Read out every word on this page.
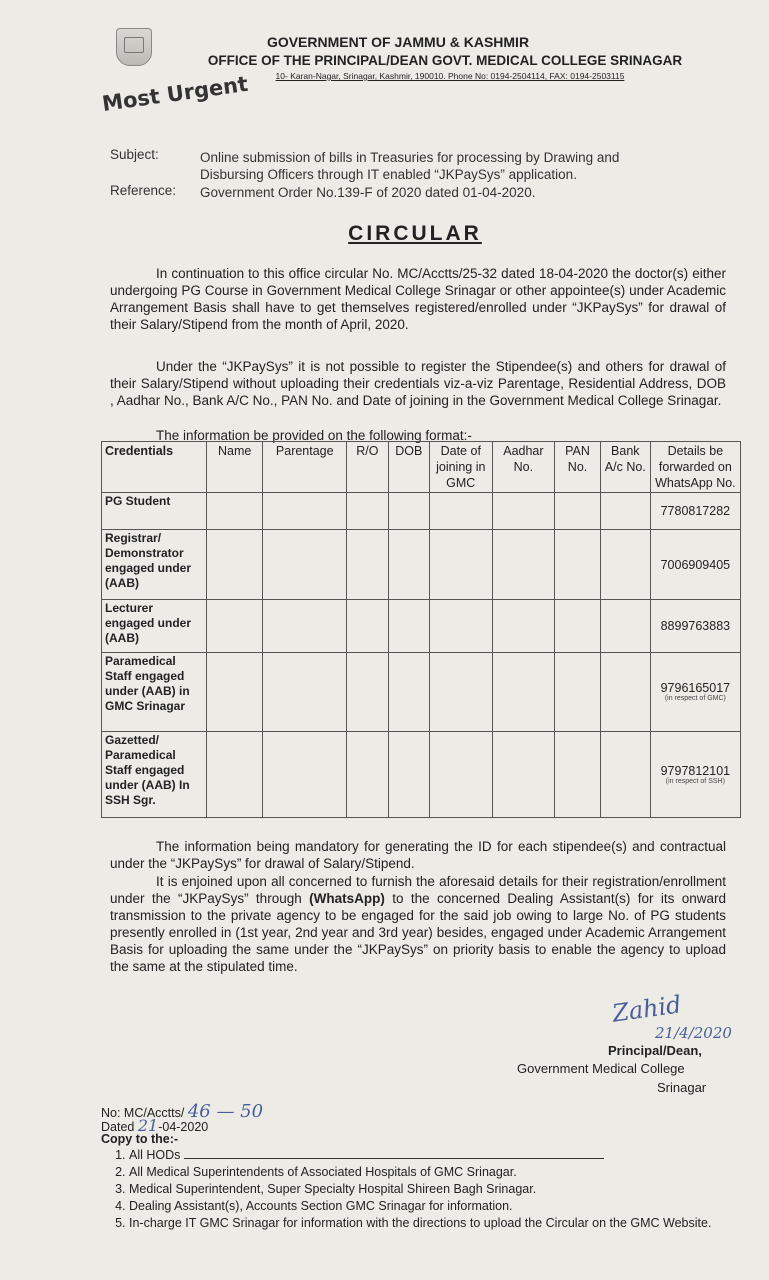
GOVERNMENT OF JAMMU & KASHMIR
OFFICE OF THE PRINCIPAL/DEAN GOVT. MEDICAL COLLEGE SRINAGAR
10- Karan-Nagar, Srinagar, Kashmir, 190010. Phone No: 0194-2504114, FAX: 0194-2503115
Most Urgent
Subject:	Online submission of bills in Treasuries for processing by Drawing and
Disbursing Officers through IT enabled “JKPaySys” application.
Reference: Government Order No.139-F of 2020 dated 01-04-2020.
CIRCULAR
In continuation to this office circular No. MC/Acctts/25-32 dated 18-04-2020 the doctor(s) either undergoing PG Course in Government Medical College Srinagar or other appointee(s) under Academic Arrangement Basis shall have to get themselves registered/enrolled under “JKPaySys” for drawal of their Salary/Stipend from the month of April, 2020.
Under the “JKPaySys” it is not possible to register the Stipendee(s) and others for drawal of their Salary/Stipend without uploading their credentials viz-a-viz Parentage, Residential Address, DOB , Aadhar No., Bank A/C No., PAN No. and Date of joining in the Government Medical College Srinagar.
The information be provided on the following format:-
Credentials	Name	Parentage	R/O	DOB	Date of joining in GMC	Aadhar No.	PAN No.	Bank A/c No.	Details be forwarded on WhatsApp No.
PG Student									7780817282
Registrar/ Demonstrator engaged under (AAB)									7006909405
Lecturer engaged under (AAB)									8899763883
Paramedical Staff engaged under (AAB) in GMC Srinagar									9796165017
(in respect of GMC)

Gazetted/ Paramedical Staff engaged under (AAB) In SSH Sgr.									9797812101
(in respect of SSH)
The information being mandatory for generating the ID for each stipendee(s) and contractual under the “JKPaySys” for drawal of Salary/Stipend.
It is enjoined upon all concerned to furnish the aforesaid details for their registration/enrollment under the “JKPaySys” through (WhatsApp) to the concerned Dealing Assistant(s) for its onward transmission to the private agency to be engaged for the said job owing to large No. of PG students presently enrolled in (1st year, 2nd year and 3rd year) besides, engaged under Academic Arrangement Basis for uploading the same under the “JKPaySys” on priority basis to enable the agency to upload the same at the stipulated time.
Zahid
21/4/2020
Principal/Dean,
Government Medical College
Srinagar
No: MC/Acctts/ 46 — 50
Dated 21-04-2020
Copy to the:-
1. All HODs
2. All Medical Superintendents of Associated Hospitals of GMC Srinagar.
3. Medical Superintendent, Super Specialty Hospital Shireen Bagh Srinagar.
4. Dealing Assistant(s), Accounts Section GMC Srinagar for information.
5. In-charge IT GMC Srinagar for information with the directions to upload the Circular on the GMC Website.
